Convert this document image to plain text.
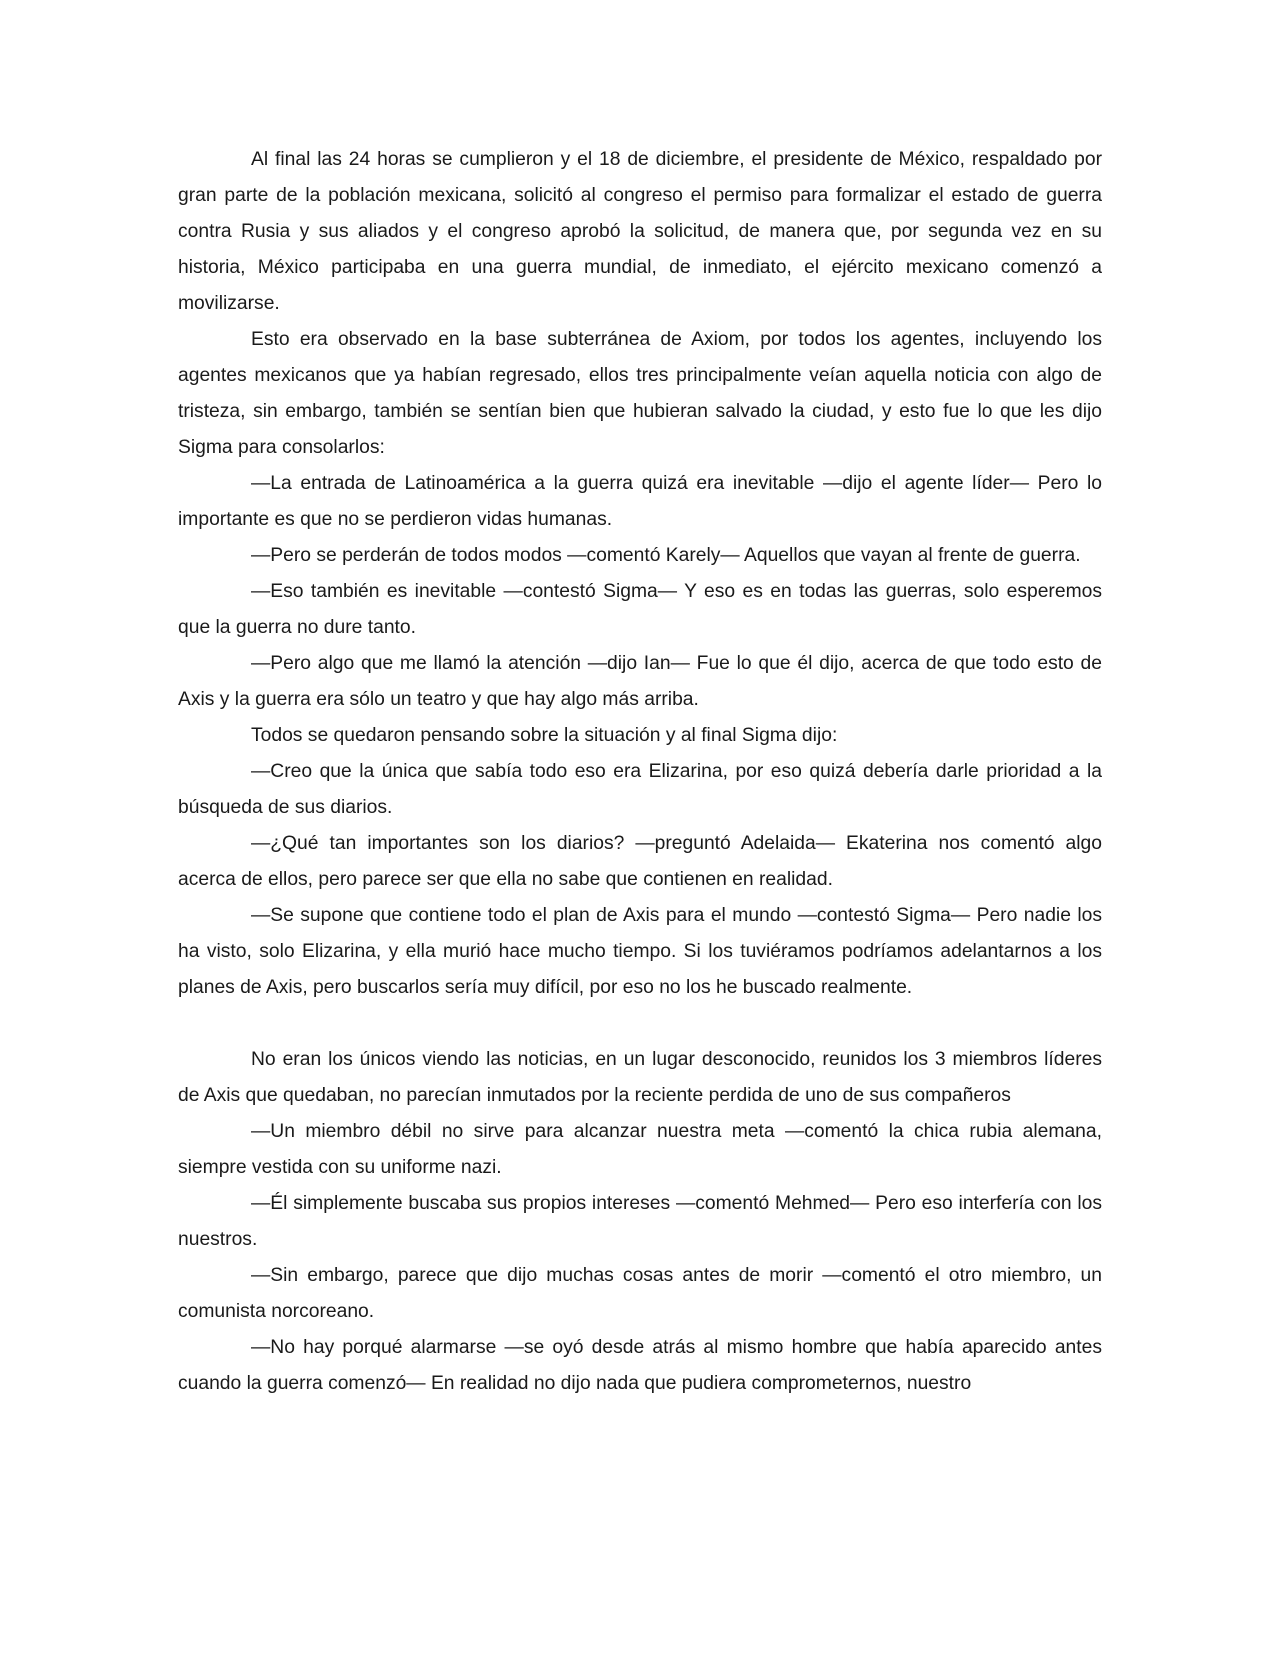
Al final las 24 horas se cumplieron y el 18 de diciembre, el presidente de México, respaldado por gran parte de la población mexicana, solicitó al congreso el permiso para formalizar el estado de guerra contra Rusia y sus aliados y el congreso aprobó la solicitud, de manera que, por segunda vez en su historia, México participaba en una guerra mundial, de inmediato, el ejército mexicano comenzó a movilizarse.

Esto era observado en la base subterránea de Axiom, por todos los agentes, incluyendo los agentes mexicanos que ya habían regresado, ellos tres principalmente veían aquella noticia con algo de tristeza, sin embargo, también se sentían bien que hubieran salvado la ciudad, y esto fue lo que les dijo Sigma para consolarlos:

―La entrada de Latinoamérica a la guerra quizá era inevitable ―dijo el agente líder― Pero lo importante es que no se perdieron vidas humanas.

―Pero se perderán de todos modos ―comentó Karely― Aquellos que vayan al frente de guerra.

―Eso también es inevitable ―contestó Sigma― Y eso es en todas las guerras, solo esperemos que la guerra no dure tanto.

―Pero algo que me llamó la atención ―dijo Ian― Fue lo que él dijo, acerca de que todo esto de Axis y la guerra era sólo un teatro y que hay algo más arriba.

Todos se quedaron pensando sobre la situación y al final Sigma dijo:

―Creo que la única que sabía todo eso era Elizarina, por eso quizá debería darle prioridad a la búsqueda de sus diarios.

―¿Qué tan importantes son los diarios? ―preguntó Adelaida― Ekaterina nos comentó algo acerca de ellos, pero parece ser que ella no sabe que contienen en realidad.

―Se supone que contiene todo el plan de Axis para el mundo ―contestó Sigma― Pero nadie los ha visto, solo Elizarina, y ella murió hace mucho tiempo. Si los tuviéramos podríamos adelantarnos a los planes de Axis, pero buscarlos sería muy difícil, por eso no los he buscado realmente.

No eran los únicos viendo las noticias, en un lugar desconocido, reunidos los 3 miembros líderes de Axis que quedaban, no parecían inmutados por la reciente perdida de uno de sus compañeros

―Un miembro débil no sirve para alcanzar nuestra meta ―comentó la chica rubia alemana, siempre vestida con su uniforme nazi.

―Él simplemente buscaba sus propios intereses ―comentó Mehmed― Pero eso interfería con los nuestros.

―Sin embargo, parece que dijo muchas cosas antes de morir ―comentó el otro miembro, un comunista norcoreano.

―No hay porqué alarmarse ―se oyó desde atrás al mismo hombre que había aparecido antes cuando la guerra comenzó― En realidad no dijo nada que pudiera comprometernos, nuestro
